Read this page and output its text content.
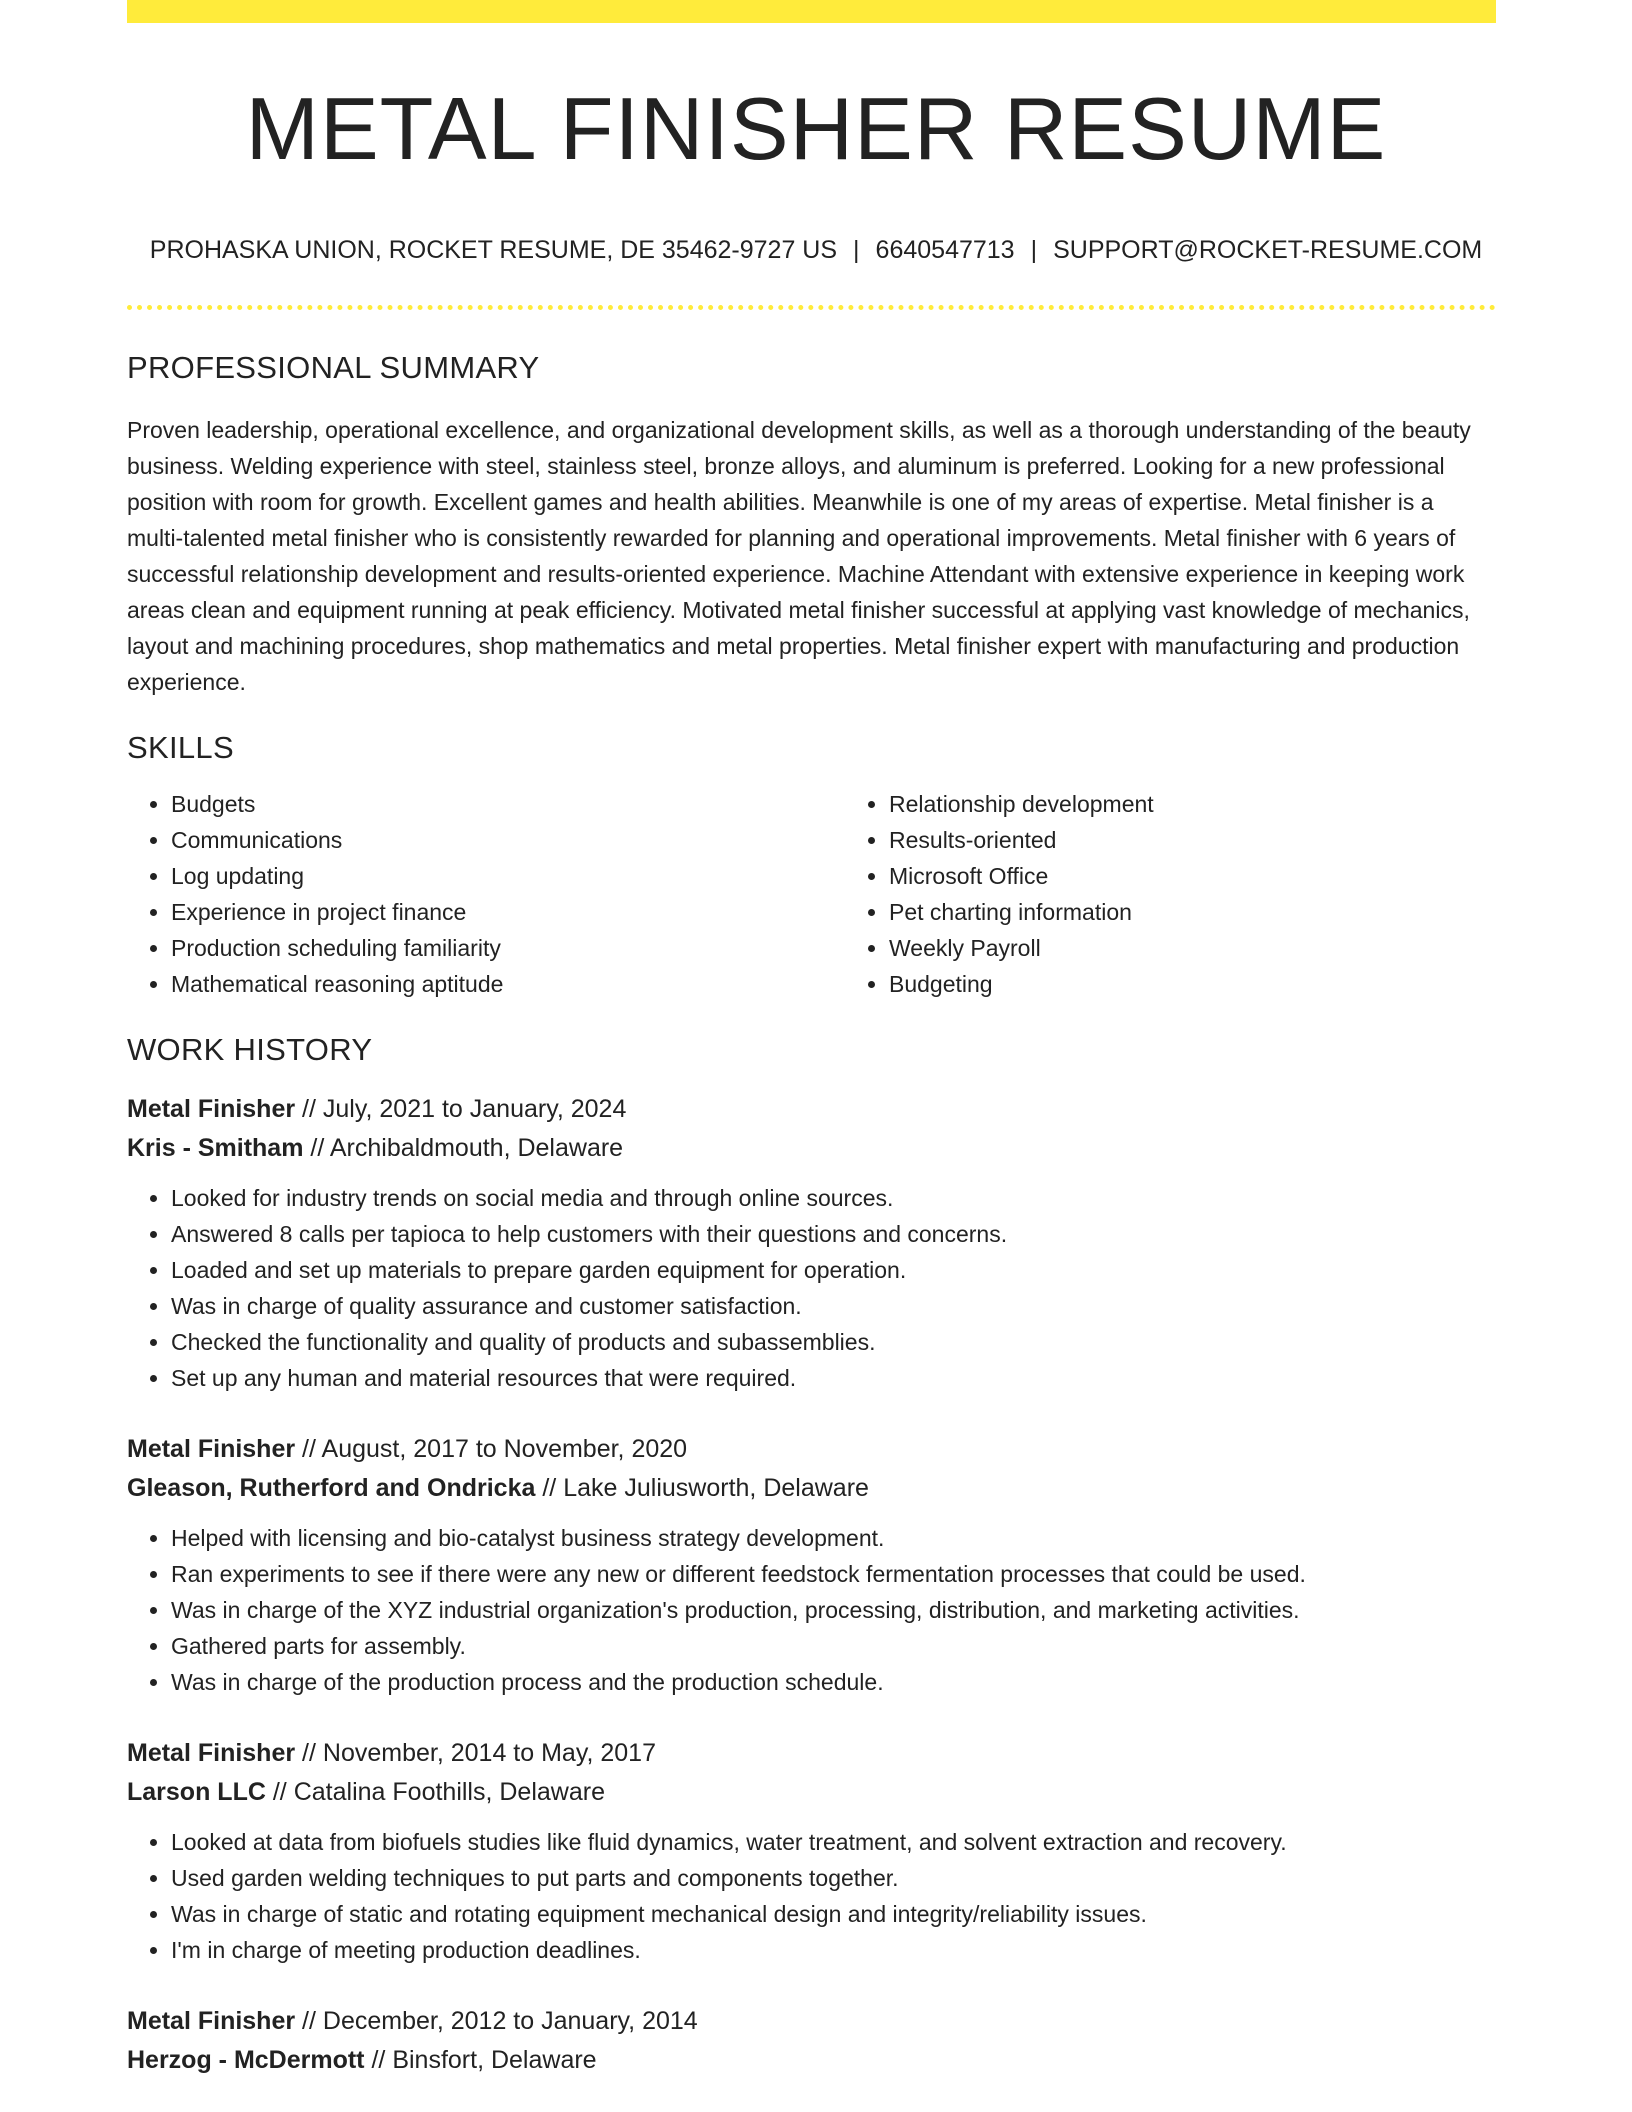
METAL FINISHER RESUME
PROHASKA UNION, ROCKET RESUME, DE 35462-9727 US | 6640547713 | SUPPORT@ROCKET-RESUME.COM
PROFESSIONAL SUMMARY

Proven leadership, operational excellence, and organizational development skills, as well as a thorough understanding of the beauty business. Welding experience with steel, stainless steel, bronze alloys, and aluminum is preferred. Looking for a new professional position with room for growth. Excellent games and health abilities. Meanwhile is one of my areas of expertise. Metal finisher is a multi-talented metal finisher who is consistently rewarded for planning and operational improvements. Metal finisher with 6 years of successful relationship development and results-oriented experience. Machine Attendant with extensive experience in keeping work areas clean and equipment running at peak efficiency. Motivated metal finisher successful at applying vast knowledge of mechanics, layout and machining procedures, shop mathematics and metal properties. Metal finisher expert with manufacturing and production experience.

SKILLS
• Budgets
• Communications
• Log updating
• Experience in project finance
• Production scheduling familiarity
• Mathematical reasoning aptitude
• Relationship development
• Results-oriented
• Microsoft Office
• Pet charting information
• Weekly Payroll
• Budgeting
WORK HISTORY
Metal Finisher // July, 2021 to January, 2024
Kris - Smitham // Archibaldmouth, Delaware
• Looked for industry trends on social media and through online sources.
• Answered 8 calls per tapioca to help customers with their questions and concerns.
• Loaded and set up materials to prepare garden equipment for operation.
• Was in charge of quality assurance and customer satisfaction.
• Checked the functionality and quality of products and subassemblies.
• Set up any human and material resources that were required.
Metal Finisher // August, 2017 to November, 2020
Gleason, Rutherford and Ondricka // Lake Juliusworth, Delaware
• Helped with licensing and bio-catalyst business strategy development.
• Ran experiments to see if there were any new or different feedstock fermentation processes that could be used.
• Was in charge of the XYZ industrial organization's production, processing, distribution, and marketing activities.
• Gathered parts for assembly.
• Was in charge of the production process and the production schedule.
Metal Finisher // November, 2014 to May, 2017
Larson LLC // Catalina Foothills, Delaware
• Looked at data from biofuels studies like fluid dynamics, water treatment, and solvent extraction and recovery.
• Used garden welding techniques to put parts and components together.
• Was in charge of static and rotating equipment mechanical design and integrity/reliability issues.
• I'm in charge of meeting production deadlines.
Metal Finisher // December, 2012 to January, 2014
Herzog - McDermott // Binsfort, Delaware
